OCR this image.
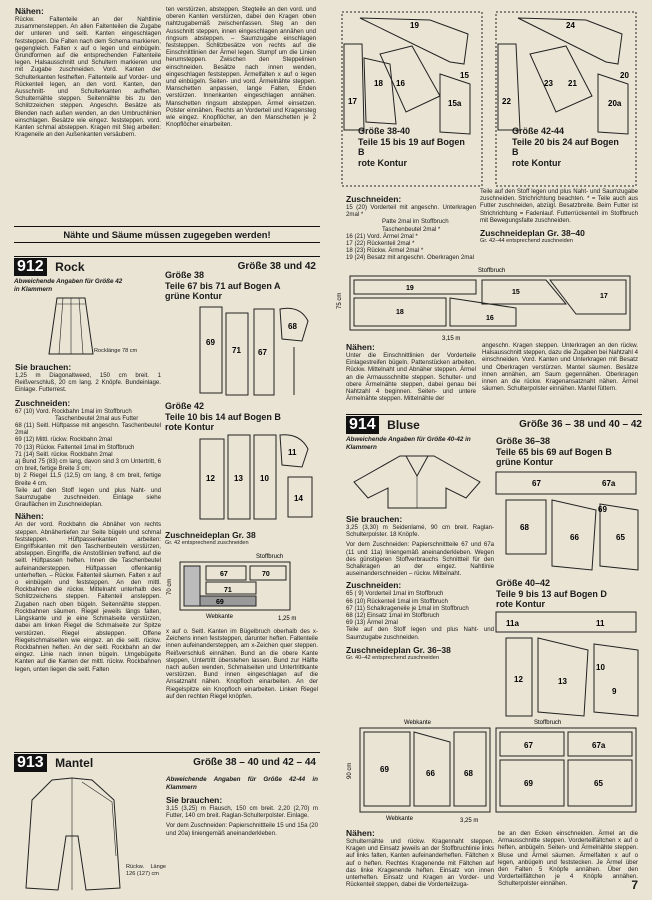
Nähen:

Rückw. Faltenteile an der Nahtlinie zusammensteppen. An allen Faltenteilen die Zugabe der unteren und seitl. Kanten eingeschlagen feststeppen. Die Falten nach dem Schema markieren, gegengleich. Falten x auf o legen und einbügeln. Grundformen auf die entsprechenden Faltenteile legen. Halsausschnitt und Schultern markieren und mit Zugabe zuschneiden. Vord. Kanten der Schulterkanten festheften. Faltenteile auf Vorder- und Rückenteil legen, an den vord. Kanten, den Ausschnitt- und Schulterkanten aufheften. Schulternähte steppen. Seitennähte bis zu den Schlitzzeichen steppen. Angeschn. Besätze als Blenden nach außen wenden, an den Umbruchlinien einschlagen. Besätze wie eingez. feststeppen. vord. Kanten schmal absteppen. Kragen mit Steg arbeiten: Krageneile an den Außenkanten versäubern.

ten verstürzen, absteppen. Stegteile an den vord. und oberen Kanten verstürzen, dabei den Kragen oben nahtzugabemäß zwischenfassen. Steg an den Ausschnitt steppen, innen eingeschlagen annähen und ringsum absteppen. – Saumzugabe einschlagen feststeppen. Schlitzbesätze von rechts auf die Einschnittlinien der Ärmel legen. Stumpf um die Linien herumsteppen. Zwischen den Steppelinien einschneiden. Besätze nach innen wenden, eingeschlagen feststeppen. Ärmelfalten x auf o legen und einbügeln. Seiten- und vord. Ärmelnähte steppen. Manschetten anpassen, lange Falten, Enden verstürzen. Innenkanten eingeschlagen annähen. Manschetten ringsum absteppen. Ärmel einsetzen. Polster einnähen. Rechts an Vorderteil und Kragensteg wie eingez. Knopflöcher, an den Manschetten je 2 Knopflöcher einarbeiten.

Nähte und Säume müssen zugegeben werden!
912 Rock	Größe 38 und 42
Abweichende Angaben für Größe 42 in Klammern
Rocklänge 78 cm
Größe 38
Teile 67 bis 71 auf Bogen A
grüne Kontur
69
71 67
68
Größe 42
Teile 10 bis 14 auf Bogen B
rote Kontur
12 13 10
11
14
Sie brauchen:

1,25 m Diagonaltweed, 150 cm breit. 1 Reißverschluß, 20 cm lang. 2 Knöpfe. Bundeinlage. Einlage. Futterrest.

Zuschneiden:
67 (10) Vord. Rockbahn 1mal im Stoffbruch
Taschenbeutel 2mal aus Futter
68 (11) Seitl. Hüftpasse mit angeschn. Taschenbeutel 2mal
69 (12) Mittl. rückw. Rockbahn 2mal
70 (13) Rückw. Faltenteil 1mal im Stoffbruch
71 (14) Seitl. rückw. Rockbahn 2mal
a) Bund 75 (83) cm lang, davon sind 3 cm Untertritt, 6 cm breit, fertige Breite 3 cm;
b) 2 Riegel 11,5 (12,5) cm lang, 8 cm breit, fertige Breite 4 cm.
Teile auf den Stoff legen und plus Naht- und Saumzugabe zuschneiden. Einlage siehe Grauflächen im Zuschneideplan.
Nähen:

An der vord. Rockbahn die Abnäher von rechts steppen. Abnähertiefen zur Seite bügeln und schmal feststeppen. Hüftpassenkanten arbeiten: Eingriffskanten mit den Taschenbeuteln verstürzen, absteppen. Eingriffe, die Anstoßlinien treffend, auf die seitl. Hüftpassen heften. Innen die Taschenbeutel aufeinandersteppen. Hüftpassen offenkantig unterheften. – Rückw. Faltenteil säumen. Falten x auf o einbügeln und feststeppen. An den mittl. Rockbahnen die rückw. Mittelnaht unterhalb des Schlitzzeichens steppen. Faltenteil ansteppen. Zugaben nach oben bügeln. Seitennähte steppen. Rockbahnen säumen. Riegel jeweils längs falten, Längskante und je eine Schmalseite verstürzen, dabei am linken Riegel die Schmalseite zur Spitze verstürzen. Riegel absteppen. Offene Riegelschmalseiten wie eingez. an die seitl. rückw. Rockbahnen heften. An der seitl. Rockbahn an der eingez. Linie nach innen bügeln. Umgebügelte Kanten auf die Kanten der mittl. rückw. Rockbahnen legen, unten liegen die seitl. Falten

Zuschneideplan Gr. 38
Gr. 42 entsprechend zuschneiden
Stoffbruch
67	70
71
69
Webkante	1,25 m
70 cm

x auf o. Seitl. Kanten im Bügelbruch oberhalb des x-Zeichens innen feststeppen, darunter heften. Faltenteile innen aufeinandersteppen, am x-Zeichen quer steppen. Reißverschluß einnähen. Bund an die obere Kante steppen, Untertritt überstehen lassen. Bund zur Hälfte nach außen wenden, Schmalseiten und Untertrittkante verstürzen. Bund innen eingeschlagen auf die Ansatznaht nähen. Knopfloch einarbeiten. An der Riegelspitze ein Knopfloch einarbeiten. Linken Riegel auf den rechten Riegel knöpfen.

913 Mantel	Größe 38 – 40 und 42 – 44
Rückw. Länge 126 (127) cm
Abweichende Angaben für Größe 42-44 in Klammern
Sie brauchen:

3,15 (3,25) m Flausch, 150 cm breit. 2,20 (2,70) m Futter, 140 cm breit. Raglan-Schulterpolster. Einlage.

Vor dem Zuschneiden: Papierschnittteile 15 und 15a (20 und 20a) liniengemäß aneinanderkleben.

19
16
18
17	15a
15
24
23 21
22	20a
20
Größe 38-40
Teile 15 bis 19 auf Bogen B
rote Kontur
Größe 42-44
Teile 20 bis 24 auf Bogen B
rote Kontur
Zuschneiden:
15 (20) Vorderteil mit angeschn. Unterkragen 2mal *
Patte 2mal im Stoffbruch
Taschenbeutel 2mal *
16 (21) Vord. Ärmel 2mal *
17 (22) Rückenteil 2mal *
18 (23) Rückw. Ärmel 2mal *
19 (24) Besatz mit angeschn. Oberkragen 2mal

Teile auf den Stoff legen und plus Naht- und Saumzugabe zuschneiden. Strichrichtung beachten. * = Teile auch aus Futter zuschneiden, abzügl. Besatzbreite. Beim Futter ist Strichrichtung = Fadenlauf. Futterrückenteil im Stoffbruch mit Bewegungsfalte zuschneiden.

Zuschneideplan Gr. 38–40
Gr. 42–44 entsprechend zuschneiden
Stoffbruch
19
15
17
18
16
75 cm
3,15 m
Nähen:

Unter die Einschnittlinien der Vorderteile Einlagestreifen bügeln. Pattenstücken arbeiten. Rückw. Mittelnaht und Abnäher steppen. Ärmel an die Armausschnitte steppen. Schulter- und obere Ärmelnähte steppen, dabei genau bei Nahtzahl 4 beginnen. Seiten- und untere Ärmelnähte steppen. Mittelnähte der

angeschn. Kragen steppen. Unterkragen an den rückw. Halsausschnitt steppen, dazu die Zugaben bei Nahtzahl 4 einschneiden. Vord. Kanten und Unterkragen mit Besatz und Oberkragen verstürzen. Mantel säumen. Besätze innen annähen, am Saum gegennähen. Oberkragen innen an die rückw. Kragenansatznaht nähen. Ärmel säumen. Schulterpolster einnähen. Mantel füttern.

914 Bluse	Größe 36 – 38 und 40 – 42
Abweichende Angaben für Größe 40-42 in Klammern
Größe 36–38
Teile 65 bis 69 auf Bogen B
grüne Kontur
67	67a
68
66	65
69
Größe 40–42
Teile 9 bis 13 auf Bogen D
rote Kontur
11a	11
12	13
9
10
Sie brauchen:

3,25 (3,30) m Seidenlamé, 90 cm breit. Raglan-Schulterpolster. 18 Knöpfe.

Vor dem Zuschneiden: Papierschnittteile 67 und 67a (11 und 11a) liniengemäß aneinanderkleben. Wegen des günstigeren Stoffverbrauchs Schnittteil für den Schalkragen an der eingez. Nahtlinie auseinanderschneiden – rückw. Mittelnaht.

Zuschneiden:
65 ( 9) Vorderteil 1mal im Stoffbruch
66 (10) Rückenteil 1mal im Stoffbruch
67 (11) Schalkrageneile je 1mal im Stoffbruch
68 (12) Einsatz 1mal im Stoffbruch
69 (13) Ärmel 2mal
Teile auf den Stoff legen und plus Naht- und Saumzugabe zuschneiden.
Zuschneideplan Gr. 36–38
Gr. 40–42 entsprechend zuschneiden
Webkante
69	66	68
Webkante	3,25 m
90 cm
Stoffbruch
67	67a
69	65
Nähen:

Schulternähte und rückw. Kragennaht steppen. Kragen und Einsatz jeweils an der Stoffbruchlinie links auf links falten, Kanten aufeinanderheften. Fältchen x auf o heften. Rechtes Kragenende mit Fältchen auf das linke Kragenende heften. Einsatz von innen unterheften. Einsatz und Kragen an Vorder- und Rückenteil steppen, dabei die Vorderteilzuga-

be an den Ecken einschneiden. Ärmel an die Armausschnitte steppen. Vorderteilfältchen x auf o heften, anbügeln. Seiten- und Ärmelnähte steppen. Bluse und Ärmel säumen. Ärmelfalten x auf o legen, anbügeln und feststecken. Je Ärmel über den Falten 5 Knöpfe annähen. Über den Vorderteilfältchen je 4 Knöpfe annähen. Schulterpolster einnähen.	7
